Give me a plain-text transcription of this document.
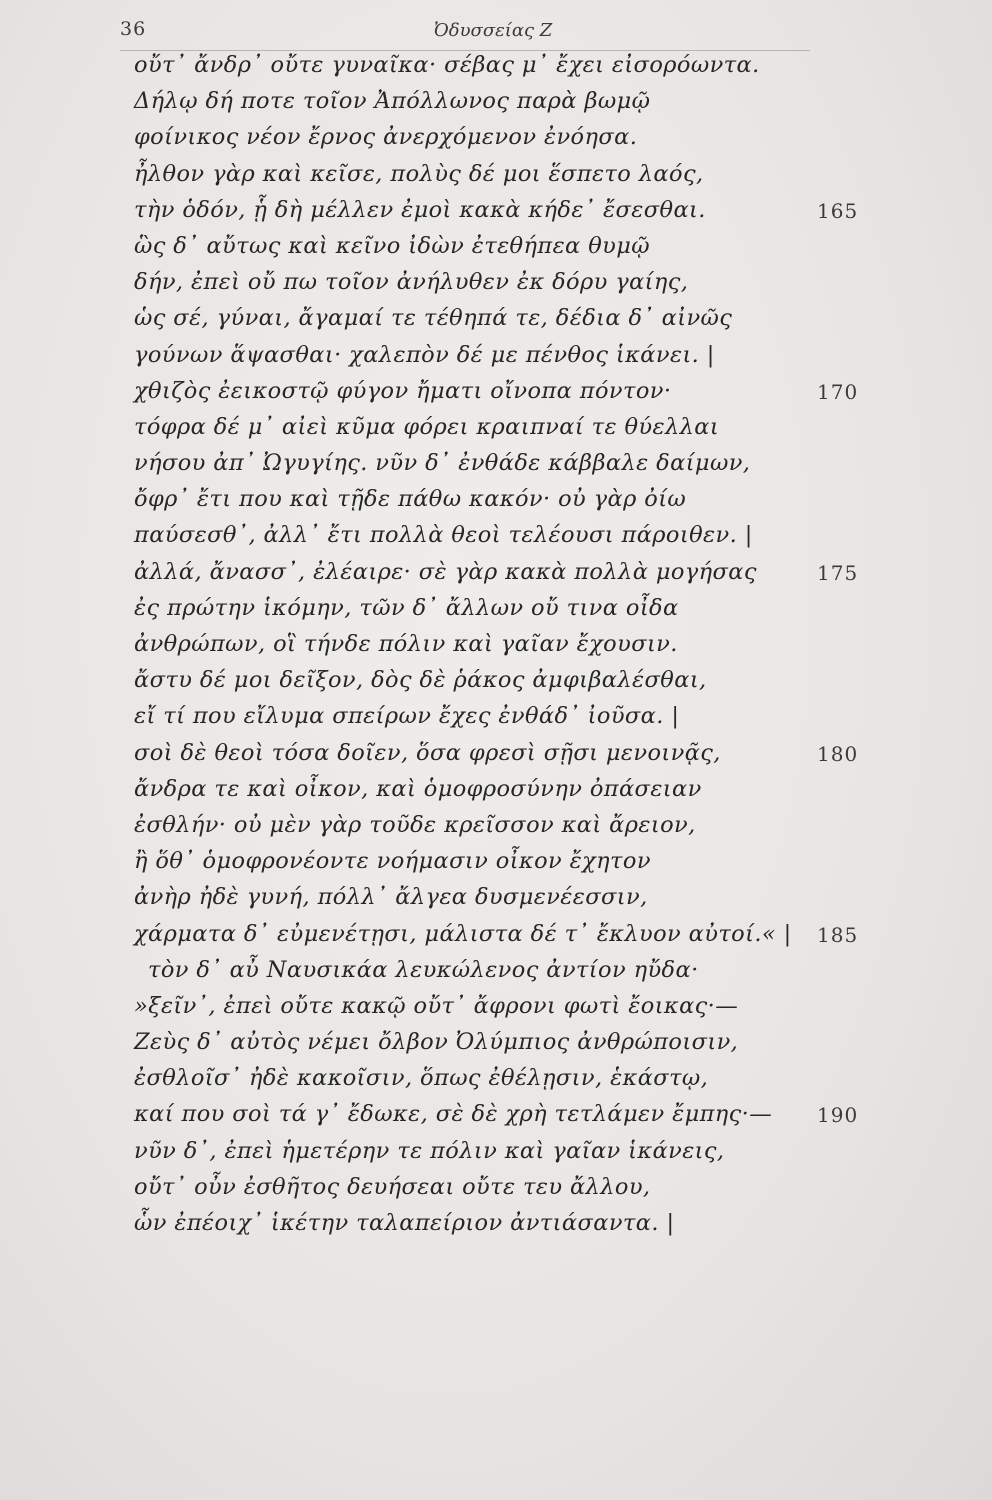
36	Ὀδυσσείας Ζ
οὔτ᾽ ἄνδρ᾽ οὔτε γυναῖκα· σέβας μ᾽ ἔχει εἰσορόωντα.
Δήλῳ δή ποτε τοῖον Ἀπόλλωνος παρὰ βωμῷ
φοίνικος νέον ἔρνος ἀνερχόμενον ἐνόησα.
ἦλθον γὰρ καὶ κεῖσε, πολὺς δέ μοι ἕσπετο λαός,
τὴν ὁδόν, ᾗ δὴ μέλλεν ἐμοὶ κακὰ κήδε᾽ ἔσεσθαι.	165
ὣς δ᾽ αὔτως καὶ κεῖνο ἰδὼν ἐτεθήπεα θυμῷ
δήν, ἐπεὶ οὔ πω τοῖον ἀνήλυθεν ἐκ δόρυ γαίης,
ὡς σέ, γύναι, ἄγαμαί τε τέθηπά τε, δέδια δ᾽ αἰνῶς
γούνων ἅψασθαι· χαλεπὸν δέ με πένθος ἱκάνει. |
χθιζὸς ἐεικοστῷ φύγον ἤματι οἴνοπα πόντον·	170
τόφρα δέ μ᾽ αἰεὶ κῦμα φόρει κραιπναί τε θύελλαι
νήσου ἀπ᾽ Ὠγυγίης. νῦν δ᾽ ἐνθάδε κάββαλε δαίμων,
ὄφρ᾽ ἔτι που καὶ τῇδε πάθω κακόν· οὐ γὰρ ὀίω
παύσεσθ᾽, ἀλλ᾽ ἔτι πολλὰ θεοὶ τελέουσι πάροιθεν. |
ἀλλά, ἄνασσ᾽, ἐλέαιρε· σὲ γὰρ κακὰ πολλὰ μογήσας	175
ἐς πρώτην ἱκόμην, τῶν δ᾽ ἄλλων οὔ τινα οἶδα
ἀνθρώπων, οἳ τήνδε πόλιν καὶ γαῖαν ἔχουσιν.
ἄστυ δέ μοι δεῖξον, δὸς δὲ ῥάκος ἀμφιβαλέσθαι,
εἴ τί που εἴλυμα σπείρων ἔχες ἐνθάδ᾽ ἰοῦσα. |
σοὶ δὲ θεοὶ τόσα δοῖεν, ὅσα φρεσὶ σῇσι μενοινᾷς,	180
ἄνδρα τε καὶ οἶκον, καὶ ὁμοφροσύνην ὀπάσειαν
ἐσθλήν· οὐ μὲν γὰρ τοῦδε κρεῖσσον καὶ ἄρειον,
ἢ ὅθ᾽ ὁμοφρονέοντε νοήμασιν οἶκον ἔχητον
ἀνὴρ ἠδὲ γυνή, πόλλ᾽ ἄλγεα δυσμενέεσσιν,
χάρματα δ᾽ εὐμενέτῃσι, μάλιστα δέ τ᾽ ἔκλυον αὐτοί.« | 185
τὸν δ᾽ αὖ Ναυσικάα λευκώλενος ἀντίον ηὔδα·
»ξεῖν᾽, ἐπεὶ οὔτε κακῷ οὔτ᾽ ἄφρονι φωτὶ ἔοικας·—
Ζεὺς δ᾽ αὐτὸς νέμει ὄλβον Ὀλύμπιος ἀνθρώποισιν,
ἐσθλοῖσ᾽ ἠδὲ κακοῖσιν, ὅπως ἐθέλῃσιν, ἑκάστῳ,
καί που σοὶ τά γ᾽ ἔδωκε, σὲ δὲ χρὴ τετλάμεν ἔμπης·— 190
νῦν δ᾽, ἐπεὶ ἡμετέρην τε πόλιν καὶ γαῖαν ἱκάνεις,
οὔτ᾽ οὖν ἐσθῆτος δευήσεαι οὔτε τευ ἄλλου,
ὧν ἐπέοιχ᾽ ἱκέτην ταλαπείριον ἀντιάσαντα. |
